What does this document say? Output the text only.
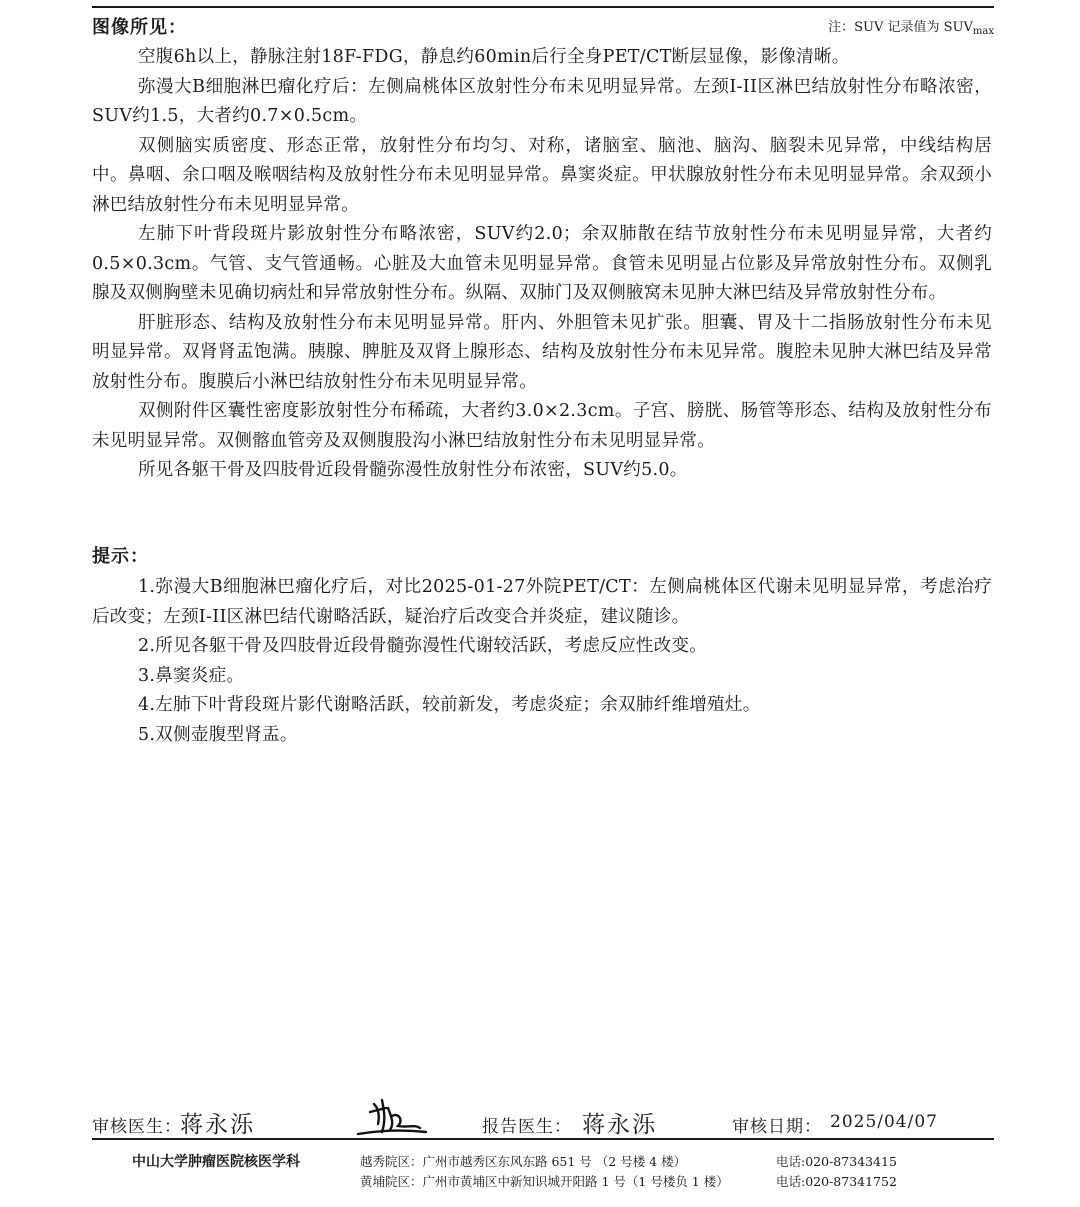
图像所见：	注：SUV 记录值为 $SUV_{max}$

空腹6h以上，静脉注射18F-FDG，静息约60min后行全身PET/CT断层显像，影像清晰。

弥漫大B细胞淋巴瘤化疗后：左侧扁桃体区放射性分布未见明显异常。左颈I-II区淋巴结放射性分布略浓密，SUV约1.5，大者约0.7×0.5cm。

双侧脑实质密度、形态正常，放射性分布均匀、对称，诸脑室、脑池、脑沟、脑裂未见异常，中线结构居中。鼻咽、余口咽及喉咽结构及放射性分布未见明显异常。鼻窦炎症。甲状腺放射性分布未见明显异常。余双颈小淋巴结放射性分布未见明显异常。

左肺下叶背段斑片影放射性分布略浓密，SUV约2.0；余双肺散在结节放射性分布未见明显异常，大者约0.5×0.3cm。气管、支气管通畅。心脏及大血管未见明显异常。食管未见明显占位影及异常放射性分布。双侧乳腺及双侧胸壁未见确切病灶和异常放射性分布。纵隔、双肺门及双侧腋窝未见肿大淋巴结及异常放射性分布。

肝脏形态、结构及放射性分布未见明显异常。肝内、外胆管未见扩张。胆囊、胃及十二指肠放射性分布未见明显异常。双肾肾盂饱满。胰腺、脾脏及双肾上腺形态、结构及放射性分布未见异常。腹腔未见肿大淋巴结及异常放射性分布。腹膜后小淋巴结放射性分布未见明显异常。

双侧附件区囊性密度影放射性分布稀疏，大者约3.0×2.3cm。子宫、膀胱、肠管等形态、结构及放射性分布未见明显异常。双侧髂血管旁及双侧腹股沟小淋巴结放射性分布未见明显异常。

所见各躯干骨及四肢骨近段骨髓弥漫性放射性分布浓密，SUV约5.0。

提示：

1.弥漫大B细胞淋巴瘤化疗后，对比2025-01-27外院PET/CT：左侧扁桃体区代谢未见明显异常，考虑治疗后改变；左颈I-II区淋巴结代谢略活跃，疑治疗后改变合并炎症，建议随诊。

2.所见各躯干骨及四肢骨近段骨髓弥漫性代谢较活跃，考虑反应性改变。

3.鼻窦炎症。

4.左肺下叶背段斑片影代谢略活跃，较前新发，考虑炎症；余双肺纤维增殖灶。

5.双侧壶腹型肾盂。

审核医生：
蒋永泺	报告医生： 蒋永泺	审核日期： 2025/04/07
中山大学肿瘤医院核医学科	越秀院区：广州市越秀区东风东路 651 号 （2 号楼 4 楼）
黄埔院区：广州市黄埔区中新知识城开阳路 1 号（1 号楼负 1 楼）
电话:020-87343415
电话:020-87341752
